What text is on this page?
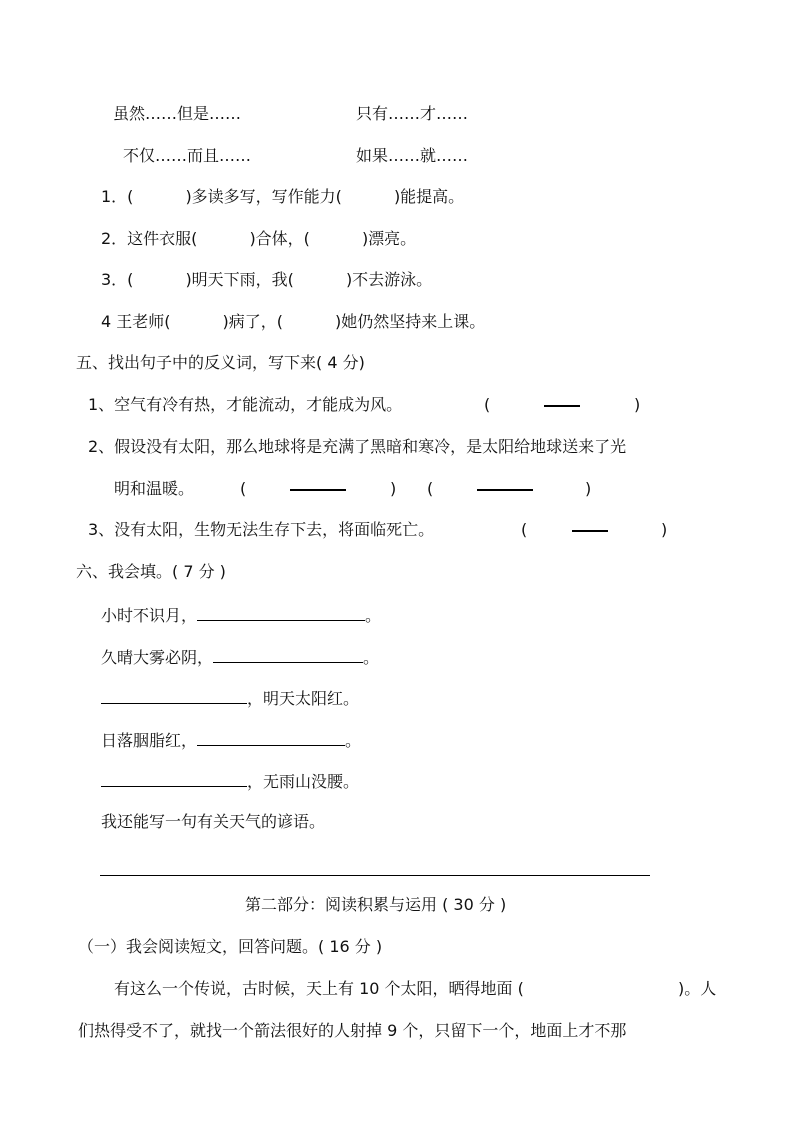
虽然……但是……	只有……才……
不仅……而且……	如果……就……
1．(	)多读多写，写作能力(	)能提高。
2．这件衣服(	)合体，(	)漂亮。
3．(	)明天下雨，我(	)不去游泳。
4 王老师(	)病了，(	)她仍然坚持来上课。
五、找出句子中的反义词，写下来( 4 分)
1、空气有冷有热，才能流动，才能成为风。	(	)
2、假设没有太阳，那么地球将是充满了黑暗和寒冷，是太阳给地球送来了光
明和温暖。	(	) (	)
3、没有太阳，生物无法生存下去，将面临死亡。	(	)
六、我会填。( 7 分 )
小时不识月，	。
久晴大雾必阴，	。
，明天太阳红。
日落胭脂红，	。
，无雨山没腰。
我还能写一句有关天气的谚语。
第二部分：阅读积累与运用 ( 30 分 )
（一）我会阅读短文，回答问题。( 16 分 )
有这么一个传说，古时候，天上有 10 个太阳，晒得地面 (	)。人
们热得受不了，就找一个箭法很好的人射掉 9 个，只留下一个，地面上才不那
